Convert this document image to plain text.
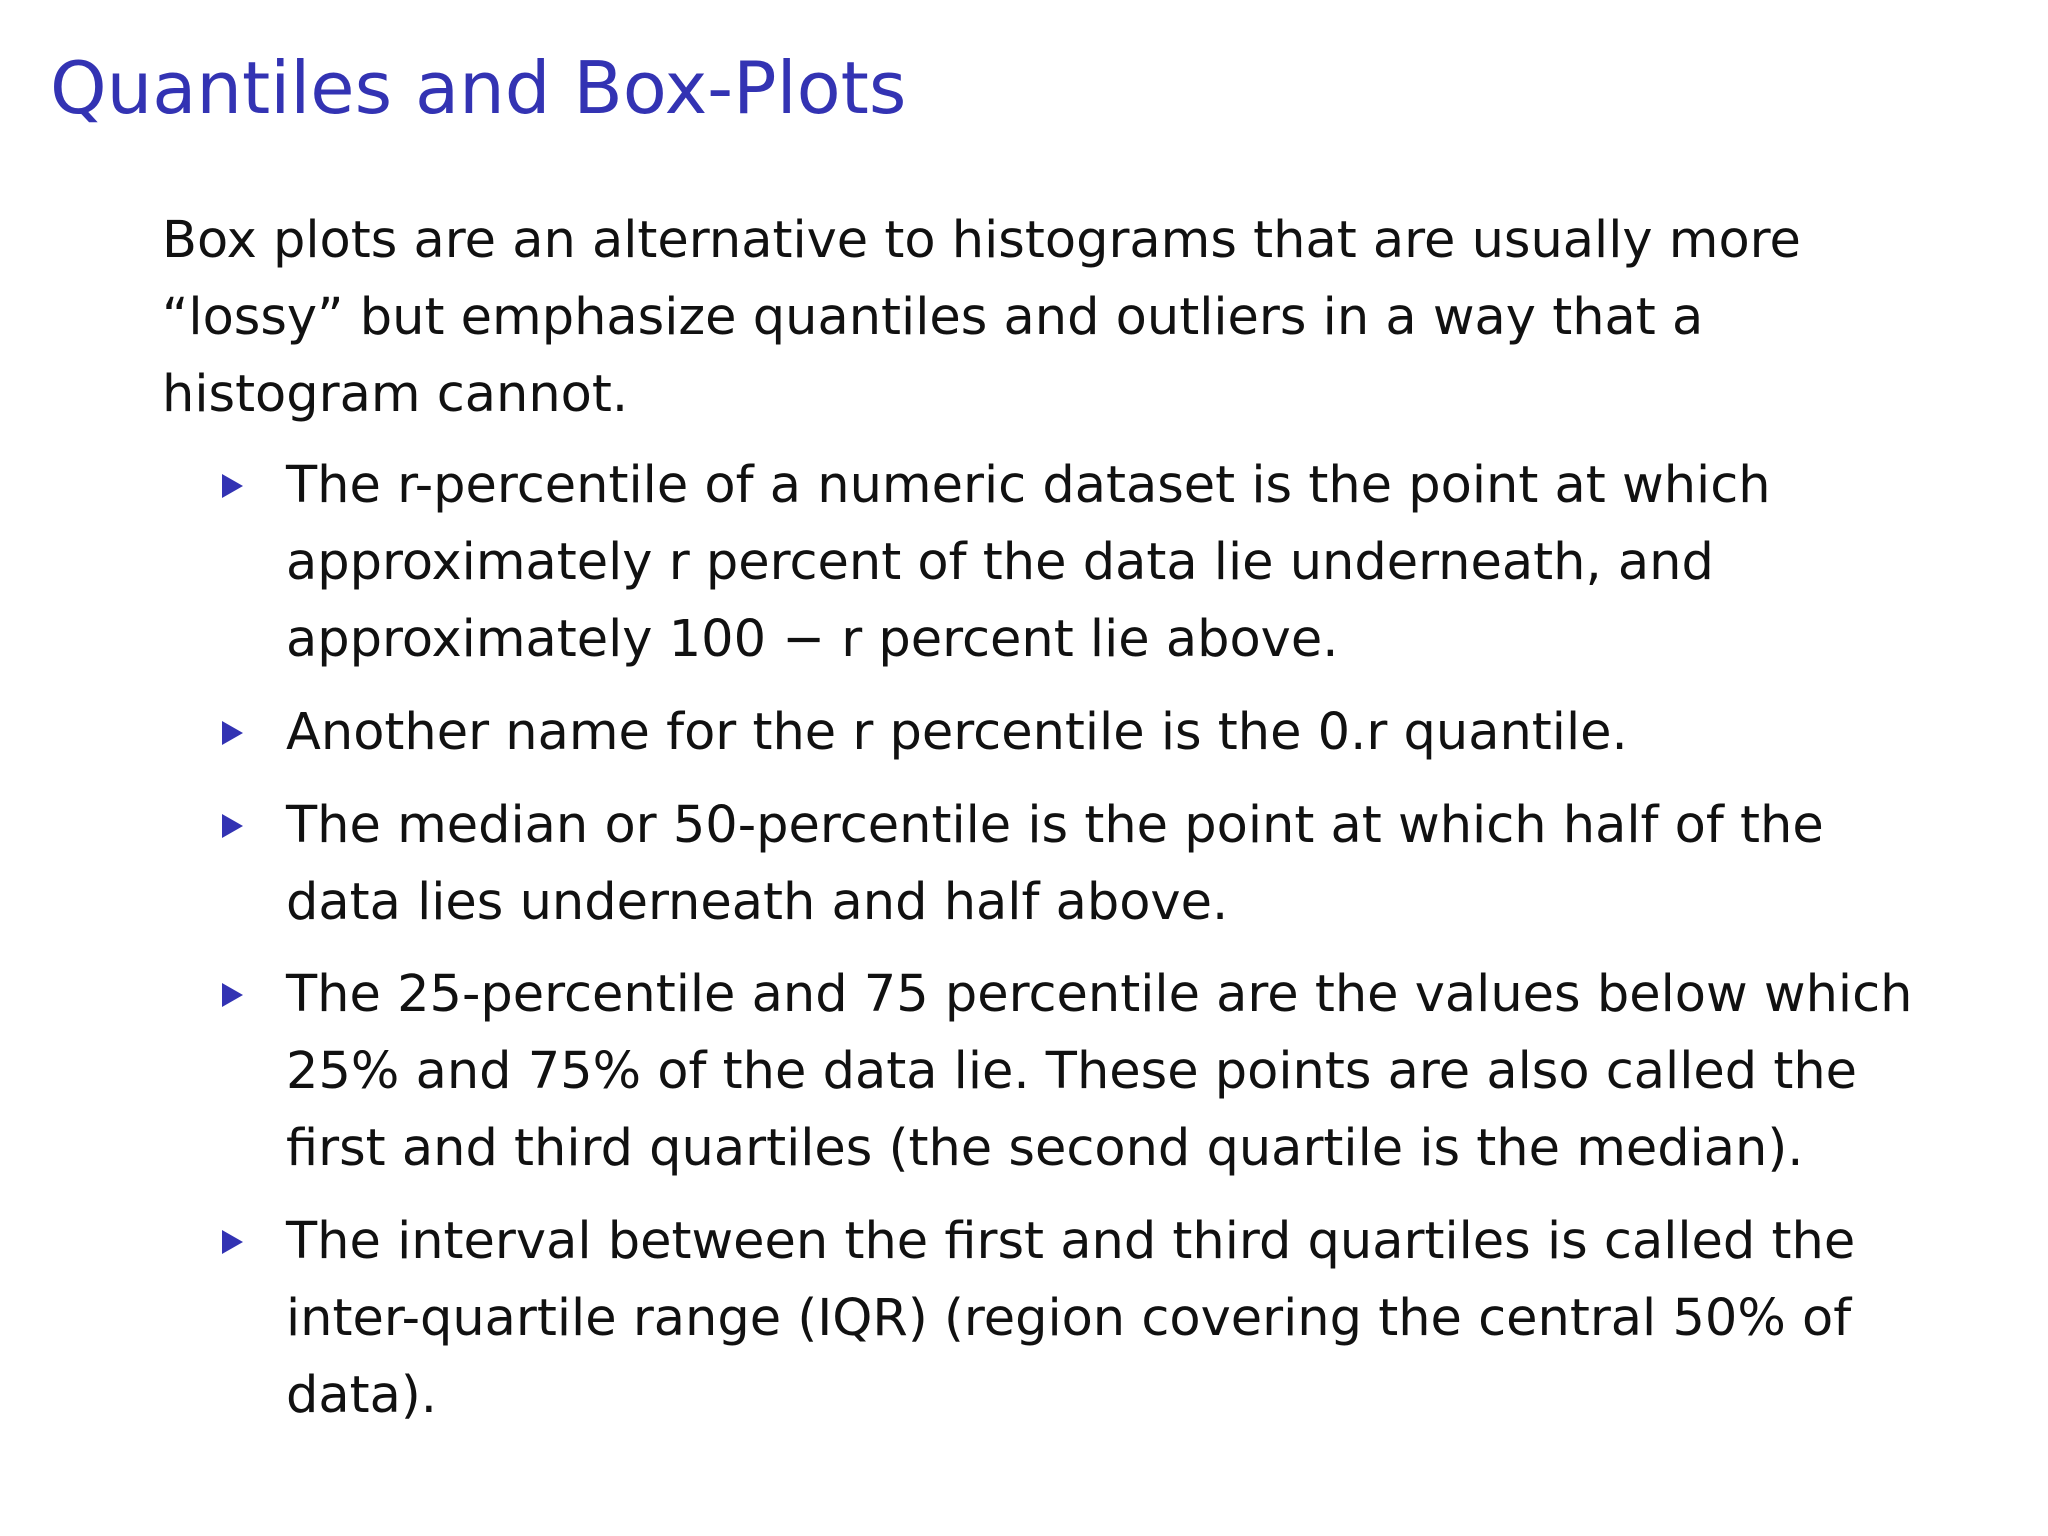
Quantiles and Box-Plots

Box plots are an alternative to histograms that are usually more “lossy” but emphasize quantiles and outliers in a way that a histogram cannot.

The r-percentile of a numeric dataset is the point at which approximately r percent of the data lie underneath, and approximately 100 − r percent lie above.
Another name for the r percentile is the 0.r quantile.
The median or 50-percentile is the point at which half of the data lies underneath and half above.
The 25-percentile and 75 percentile are the values below which 25% and 75% of the data lie. These points are also called the first and third quartiles (the second quartile is the median).
The interval between the first and third quartiles is called the inter-quartile range (IQR) (region covering the central 50% of data).
